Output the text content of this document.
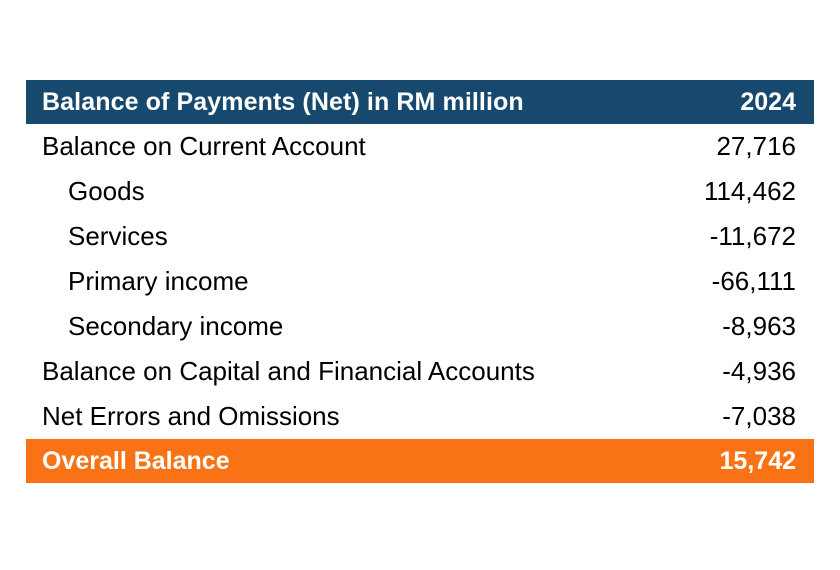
Balance of Payments (Net) in RM million	2024
Balance on Current Account	27,716
Goods	114,462
Services	-11,672
Primary income	-66,111
Secondary income	-8,963
Balance on Capital and Financial Accounts	-4,936
Net Errors and Omissions	-7,038
Overall Balance	15,742
